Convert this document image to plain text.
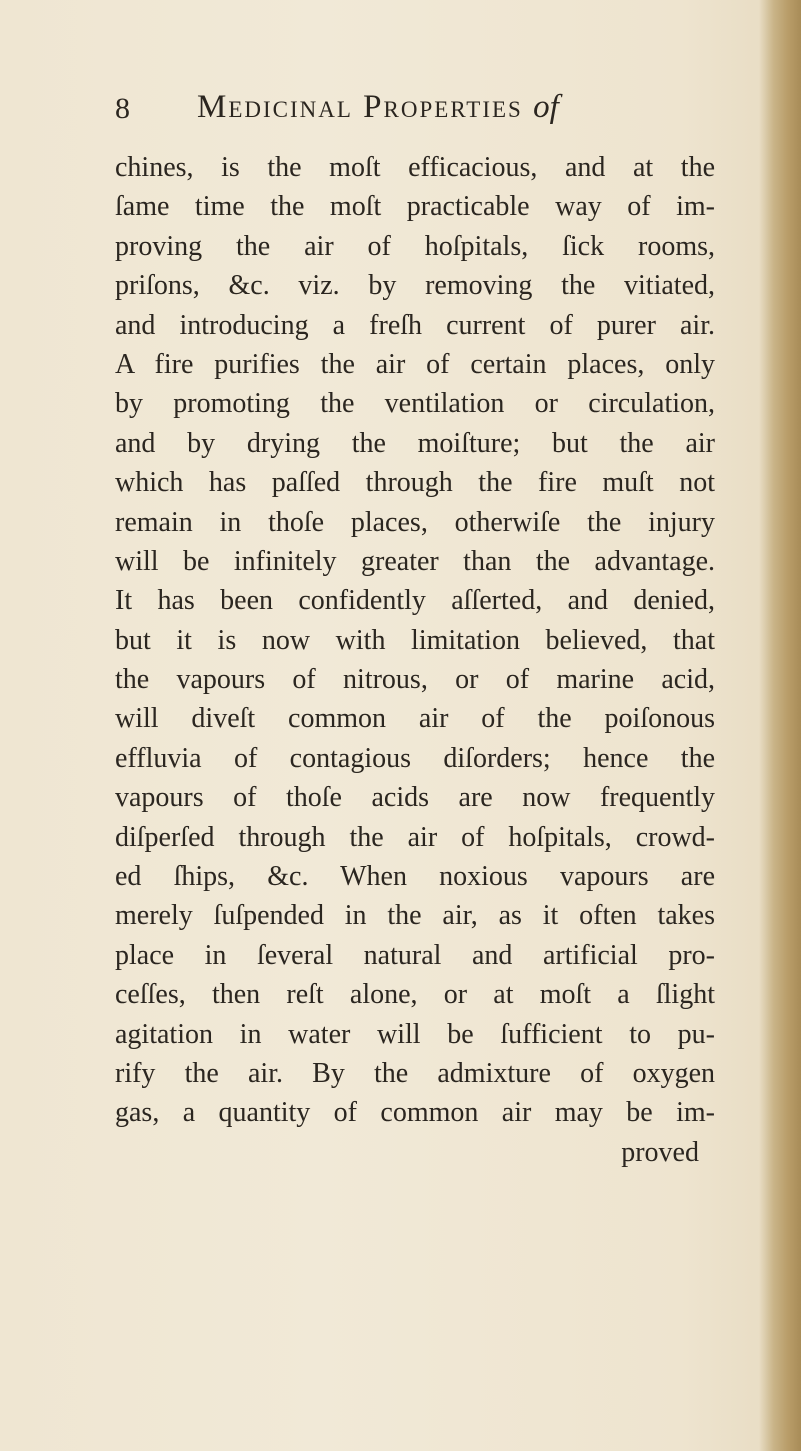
8 Medicinal Properties of
chines, is the moſt efficacious, and at the
ſame time the moſt practicable way of im-
proving the air of hoſpitals, ſick rooms,
priſons, &c. viz. by removing the vitiated,
and introducing a freſh current of purer air.
A fire purifies the air of certain places, only
by promoting the ventilation or circulation,
and by drying the moiſture; but the air
which has paſſed through the fire muſt not
remain in thoſe places, otherwiſe the injury
will be infinitely greater than the advantage.
It has been confidently aſſerted, and denied,
but it is now with limitation believed, that
the vapours of nitrous, or of marine acid,
will diveſt common air of the poiſonous
effluvia of contagious diſorders; hence the
vapours of thoſe acids are now frequently
diſperſed through the air of hoſpitals, crowd-
ed ſhips, &c. When noxious vapours are
merely ſuſpended in the air, as it often takes
place in ſeveral natural and artificial pro-
ceſſes, then reſt alone, or at moſt a ſlight
agitation in water will be ſufficient to pu-
rify the air. By the admixture of oxygen
gas, a quantity of common air may be im-
proved
